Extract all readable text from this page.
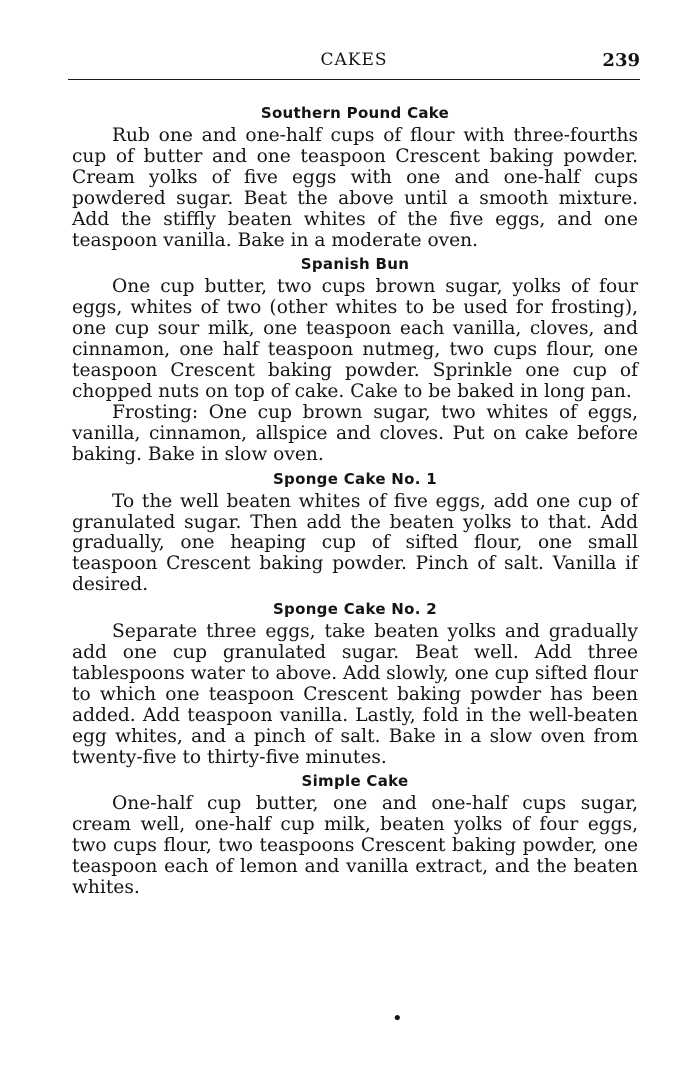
CAKES	239
Southern Pound Cake

Rub one and one-half cups of flour with three-fourths cup of butter and one teaspoon Crescent baking powder. Cream yolks of five eggs with one and one-half cups powdered sugar. Beat the above until a smooth mixture. Add the stiffly beaten whites of the five eggs, and one teaspoon vanilla. Bake in a moderate oven.

Spanish Bun

One cup butter, two cups brown sugar, yolks of four eggs, whites of two (other whites to be used for frosting), one cup sour milk, one teaspoon each vanilla, cloves, and cinnamon, one half teaspoon nutmeg, two cups flour, one teaspoon Crescent baking powder. Sprinkle one cup of chopped nuts on top of cake. Cake to be baked in long pan.

Frosting: One cup brown sugar, two whites of eggs, vanilla, cinnamon, allspice and cloves. Put on cake before baking. Bake in slow oven.

Sponge Cake No. 1

To the well beaten whites of five eggs, add one cup of granulated sugar. Then add the beaten yolks to that. Add gradually, one heaping cup of sifted flour, one small teaspoon Crescent baking powder. Pinch of salt. Vanilla if desired.

Sponge Cake No. 2

Separate three eggs, take beaten yolks and gradually add one cup granulated sugar. Beat well. Add three tablespoons water to above. Add slowly, one cup sifted flour to which one teaspoon Crescent baking powder has been added. Add teaspoon vanilla. Lastly, fold in the well-beaten egg whites, and a pinch of salt. Bake in a slow oven from twenty-five to thirty-five minutes.

Simple Cake

One-half cup butter, one and one-half cups sugar, cream well, one-half cup milk, beaten yolks of four eggs, two cups flour, two teaspoons Crescent baking powder, one teaspoon each of lemon and vanilla extract, and the beaten whites.

•
